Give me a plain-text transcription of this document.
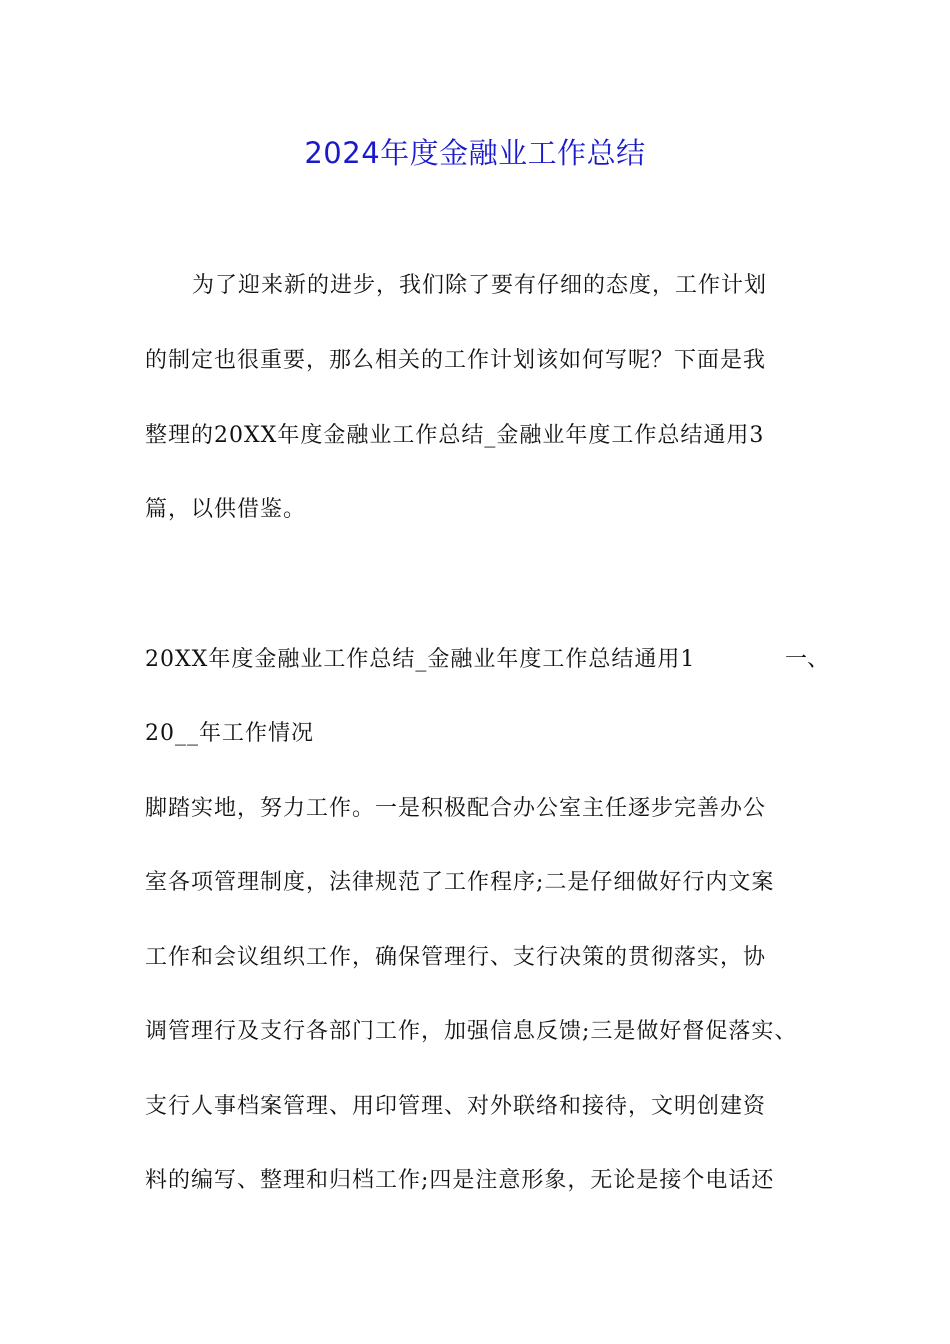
2024年度金融业工作总结

为了迎来新的进步，我们除了要有仔细的态度，工作计划

的制定也很重要，那么相关的工作计划该如何写呢？下面是我

整理的20XX年度金融业工作总结_金融业年度工作总结通用3

篇，以供借鉴。

20XX年度金融业工作总结_金融业年度工作总结通用1	一、

20__年工作情况

脚踏实地，努力工作。一是积极配合办公室主任逐步完善办公

室各项管理制度，法律规范了工作程序;二是仔细做好行内文案

工作和会议组织工作，确保管理行、支行决策的贯彻落实，协

调管理行及支行各部门工作，加强信息反馈;三是做好督促落实、

支行人事档案管理、用印管理、对外联络和接待，文明创建资

料的编写、整理和归档工作;四是注意形象，无论是接个电话还
